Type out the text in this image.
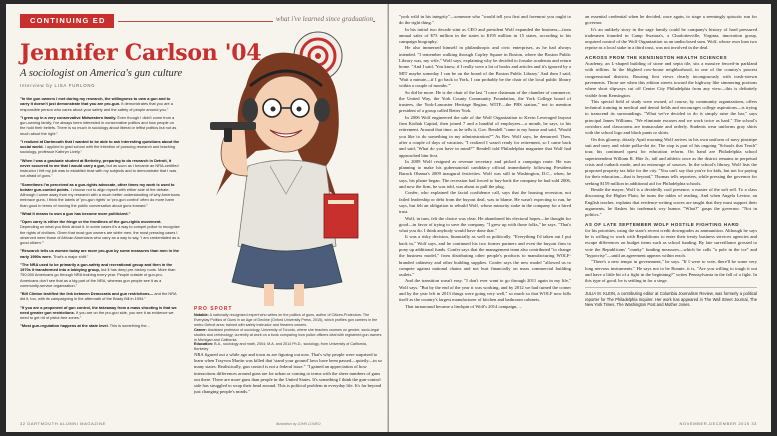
CONTINUING ED	what i've learned since graduation
Jennifer Carlson '04
A sociologist on America's gun culture
Interview by LISA FURLONG

"In the gun owners I met during my research, the willingness to own a gun and to carry it doesn't just demonstrate that you are pro-gun. It demonstrates that you are a responsible person who cares about your safety and the safety of people around you."

"I grew up in a very conservative Midwestern family. Even though I didn't come from a gun-owning family, I've always been interested in conservative politics and how people on the hold their beliefs. There is so much in sociology about liberal or leftist politics but not as much about the right."

"I realized at Dartmouth that I wanted to be able to ask interesting questions about the social world. I applied to grad school with the intention of pursuing research and teaching sociology, professor Kathryn Lively."

"When I was a graduate student at Berkeley, preparing to do research in Detroit, it never occurred to me that I would carry a gun, but as soon as I became an NRA-certified instructor I felt my job was to establish trust with my subjects and to demonstrate that I was not afraid of guns."

"Sometimes I'm perceived as a gun-rights advocate, other times my work is used to bolster gun-control points. I choose not to align myself with either side of the debate. Although I came away from my research with a much better understanding of why Americans embrace guns, I think the labels of 'pro-gun rights' or 'pro-gun control' often do more harm than good in terms of moving the public conversation about guns forward."

"What it means to own a gun has become more politicized."

"Open carry is either the fringe or the frontlines of the gun-rights movement. Depending on what you think about it. In some cases it's a way to compel police to recognize the rights of civilians. Given that most gun owners are white men, the most pressing cases I observed were those of African Americans who carry as a way to say, 'I am credentialed as a good citizen.'"

"Research tells us women today are more pro-gun by some measures than men in the early 1990s were. That's a major shift."

"The NRA used to be primarily a gun-safety and recreational group and then in the 1970s it transformed into a lobbying group, but it has deep pre-history roots. More than 750,000 Americans go through NRA training every year. People outside of gun-pro-Americans don't see that as a big part of the NRA, whereas gun people see it as a community-service organization."

"Bill Clinton testified the link between Democrats and gun restrictions— and the NRA did it, too, with its campaigning in the aftermath of the Brady Bill in 1994."

"If you are a proponent of gun control, the takeaway from a mass shooting is that we need greater gun restrictions. If you are on the pro-gun side, you see it as evidence we need to get rid of pistol-free zones."

"Most gun-regulation happens at the state level. This is something the...

PRO SPORT
Notable: A nationally recognized expert who writes on the politics of guns, author of Citizen-Protectors: The Everyday Politics of Guns in an Age of Decline (Oxford University Press, 2015), which profiles gun carriers in the metro Detroit area; trained with safety instructor and firearms owners.
Career: Assistant professor of sociology, University of Toronto, where she teaches courses on gender, socio-legal studies and criminology; currently at work on a book comparing how police officers deal with registered gun owners in Michigan and California.
Education: B.A., sociology and math, 2004; M.A. and 2014 Ph.D., sociology, from University of California, Berkeley
NRA figured out a while ago and town as are figuring out now. That's why people were surprised to learn when Trayvon Martin was killed that 'stand your ground' laws have been passed—quietly—in so many states. Realistically, gun control is not a federal issue." "I gained an appreciation of how interactions differences around guns are for urban or coming to terms with the sheer numbers of guns out there. There are more guns than people in the United States. It's something I think the gun-control side has struggled to wrap their head around. This is political problem in everyday life. It's far beyond just changing people's minds."
32 DARTMOUTH ALUMNI MAGAZINE	illustration by JOHN CUNEO

"york wild in his integrity"—someone who "would tell you first and foremost you ought to do the right thing."

In his initial two decade stint as CEO and president Wolf expanded the business—from annual sales of $73 million in the states to $195 million in 15 states, according to his campaign biography.

He also immersed himself in philanthropic and civic enterprises, as he had always intended. "I remember walking through Copley Square in Boston, where the Boston Public Library was, my wife," Wolf says, explaining why he decided to forsake academia and return home. "And I said, 'You know, if I really were a lot of books and articles and it's ignored by a MIT maybe someday I can be on the board of the Boston Public Library.' And then I said, 'Wait a minute—if I go back to York, I can probably be the chair of the local public library within a couple of months.'"

So did he more. He is the chair of the last "I once chairman of the chamber of commerce, the United Way, the York County Community Foundation, the York College board of trustees, the York-Lancaster Heritage Region, WITF—the PBS station," not to mention president of a group called Better York.

In 2006 Wolf engineered the sale of the Wolf Organization to Kevin Leveraged buyout firm Kodiak Capital, then joined 7 and a handful of employees—a month, he says, to his retirement. Around that time, as he tells it, Gov. Rendell "came to my house and said, 'Would you like to do something in my administration?'" As Rev. Wolf says, he demurred. Then, after a couple of days of vacation, "I realized I wasn't ready for retirement, so I came back and said, 'What do you have in mind?'" Rendell told Philadelphia magazine that Wolf had approached him first.

In 2009 Wolf resigned as revenue secretary and picked a campaign route. He was planning to make his gubernatorial candidacy official immediately following President Barack Obama's 2009 inaugural festivities. Wolf was still in Washington, D.C., when, he says, his phone began. The recession had forced to buy-back the company he had sold 2006, and now the firm, he was told, was about to pull the plug.

Confer, who explained the facial confidence call, says that the housing recession, not failed leadership or debt from the buyout deal, was to blame. He wasn't expecting to run, he says, but felt an obligation to rebuild Wolf, whose minority stake in the company for a hired trust.

Wolf, in turn, felt the choice was clear. He abandoned his electoral hopes—he thought for good—in favor of trying to save the company. "I grew up with those folks," he says. "That's what you do. I think anybody would have done that."

It was a risky decision, financially as well as politically. "Everything I'd taken out I put back in," Wolf says, and he continued his two former partners and even the buyout firm to pony up additional funds. Confer says that the management team also contributed "to change the business model," from distributing other people's products to manufacturing WOLF-branded cabinetry and other building supplies. Confer says the new model "allowed us to compete against national chains and not hurt financially on mass commercial building outlets."

And the transition wasn't easy. "I don't ever want to go through 2011 again in my life," Wolf says. "But by the end of the year it was working, and by 2012 we had turned the corner and by the year left in 2013 things were going very well," so much so that WOLF now bills itself as the country's largest manufacturer of kitchen and bathroom cabinets.

That turnaround became a linchpin of Wolf's 2014 campaign, ...

an essential credential when he decided, once again, to stage a seemingly quixotic run for governor.

It's an unlikely story in the sage family could be company's history of hard pressured tradesmen founded in Camp Swatara's, a Charlottesville, Virginia, innovation group, acquired control of the Wolf Organization as an undisclosed sum. Wolf, whose own loan two reprise as a local stake in a third trust, was not involved in the deal.

ACROSS FROM THE KENSINGTON HEALTH SCIENCES

Academy, an L-shaped building of stone and sepia tile, sits a massive fenced-in parkland with trilliins. In the blighted row-house neighborhood, in one of the country's poorest congressional districts. Rousing first views clearly incongruously with trash-strewn pavements. Those are when this edition streets toward the highway like simmering portions where short slipways cut off Center City Philadelphia from any view—this is definitely visible from Kensington.

This special field of study were owned, of course, by community organizations, offers technical training in medical and dental fields and encourages college aspirations—is trying to transcend its surroundings. "What we've decided to do is simply raise the bar," says principal James Williams. "We eliminate excuses and we work twice as hard." The school's corridors and classrooms are immaculate and orderly. Students wear uniforms gray shirts with the school logo and black pants or skirts.

On this gloomy, drizzly April morning Wolf arrives in his own uniform of navy pinstripe suit and navy and white polka-dot tie. The stop is part of his ongoing "Schools that Teach" tour, his continued quest for education reform. On hand are Philadelphia school superintendent William R. Hite Jr., tall and athletic once as the district remains in perpetual crisis and cutback mode, and an entourage of sources. In the school's library, Wolf lists the proposed property tax hike for the city. "You can't say that you're for kids, but not for paying for their education—that is beyond," Thomas tells reporters, while pressing the governor for seeking $159 million in additional aid for Philadelphia schools.

Beside the mayor, Wolf is a decidedly cool presence, a master of the soft sell. To a class discussing the Higher Plain, he turns the tables of reading. And when Angela Levine, an English teacher, explains that evidence-writing scores are taught that they must support their arguments, he flashes his trademark wry humor. "What?" gasps the governor. "Not in politics."

AS OF LATE SEPTEMBER WOLF HOSTILE FIGHTING HARD

for his priorities, using the state's recent credit downgrades as ammunition. Although he says he is willing to work with Republicans to enter their treaty business services agencies and escape differences on budget items such as school funding. By late surveillance grossed to vote the Republicans' "cranky" funding measures—which he calls "a pole in the ice" and "hypocrisy"—until an agreement appears within reach.

"There's a new tempo in government," he says. "If I were to vote, there'll be some very long nervous instruments." He says not to be Ronnie, it is, "Are you willing to tough it out and have a little bit of a fight in the beginning?" writes Pennsylvania in the fall of a fight. In this type of good. he is settling in for a siege.

JULIA M. KLEIN, a contributing editor at Columbia Journalism Review, was formerly a political reporter for The Philadelphia Inquirer. Her work has appeared in The Wall Street Journal, The New York Times, The Washington Post and Mother Jones.

NOVEMBER-DECEMBER 2015 33
